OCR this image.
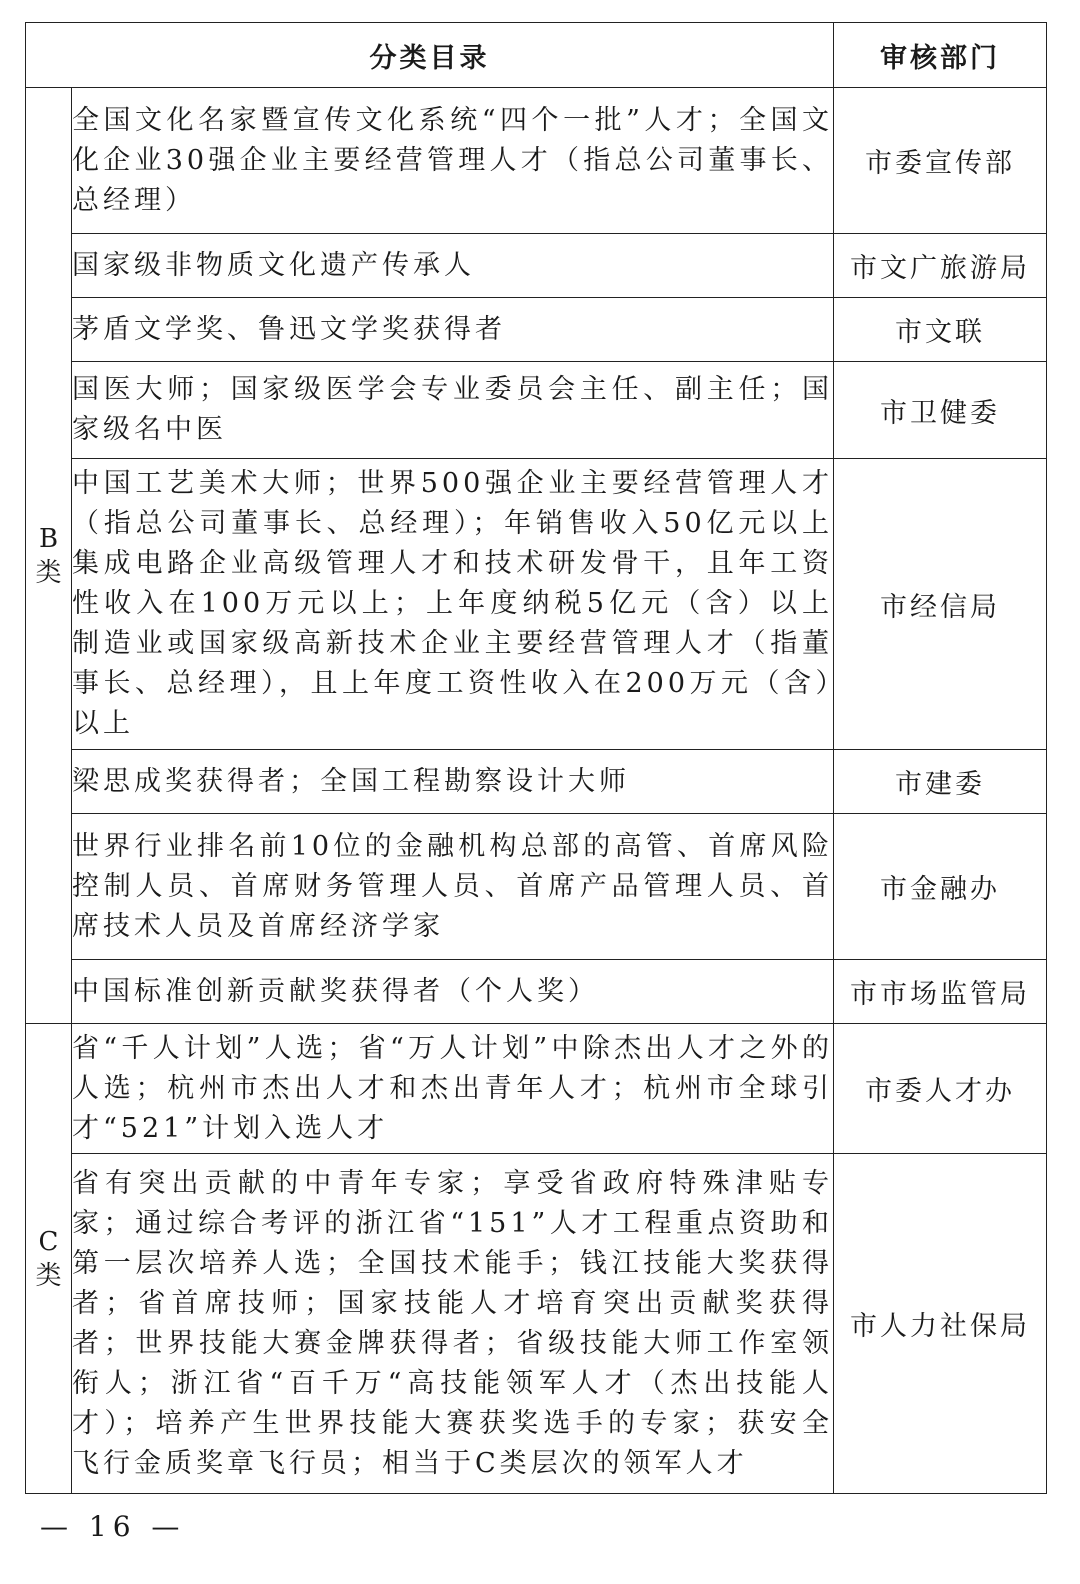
分类目录		审核部门

B
类	全国文化名家暨宣传文化系统“四个一批”人才；全国文化企业30强企业主要经营管理人才（指总公司董事长、总经理）	市委宣传部
	国家级非物质文化遗产传承人	市文广旅游局
	茅盾文学奖、鲁迅文学奖获得者	市文联
	国医大师；国家级医学会专业委员会主任、副主任；国家级名中医	市卫健委
	中国工艺美术大师；世界500强企业主要经营管理人才（指总公司董事长、总经理）；年销售收入50亿元以上集成电路企业高级管理人才和技术研发骨干，且年工资性收入在100万元以上；上年度纳税5亿元（含）以上制造业或国家级高新技术企业主要经营管理人才（指董事长、总经理），且上年度工资性收入在200万元（含）以上	市经信局
	梁思成奖获得者；全国工程勘察设计大师	市建委
	世界行业排名前10位的金融机构总部的高管、首席风险控制人员、首席财务管理人员、首席产品管理人员、首席技术人员及首席经济学家	市金融办
	中国标准创新贡献奖获得者（个人奖）	市市场监管局

C
类	省“千人计划”人选；省“万人计划”中除杰出人才之外的人选；杭州市杰出人才和杰出青年人才；杭州市全球引才“521”计划入选人才	市委人才办
	省有突出贡献的中青年专家；享受省政府特殊津贴专家；通过综合考评的浙江省“151”人才工程重点资助和第一层次培养人选；全国技术能手；钱江技能大奖获得者；省首席技师；国家技能人才培育突出贡献奖获得者；世界技能大赛金牌获得者；省级技能大师工作室领衔人；浙江省“百千万“高技能领军人才（杰出技能人才）；培养产生世界技能大赛获奖选手的专家；获安全飞行金质奖章飞行员；相当于C类层次的领军人才	市人力社保局
— 16 —
